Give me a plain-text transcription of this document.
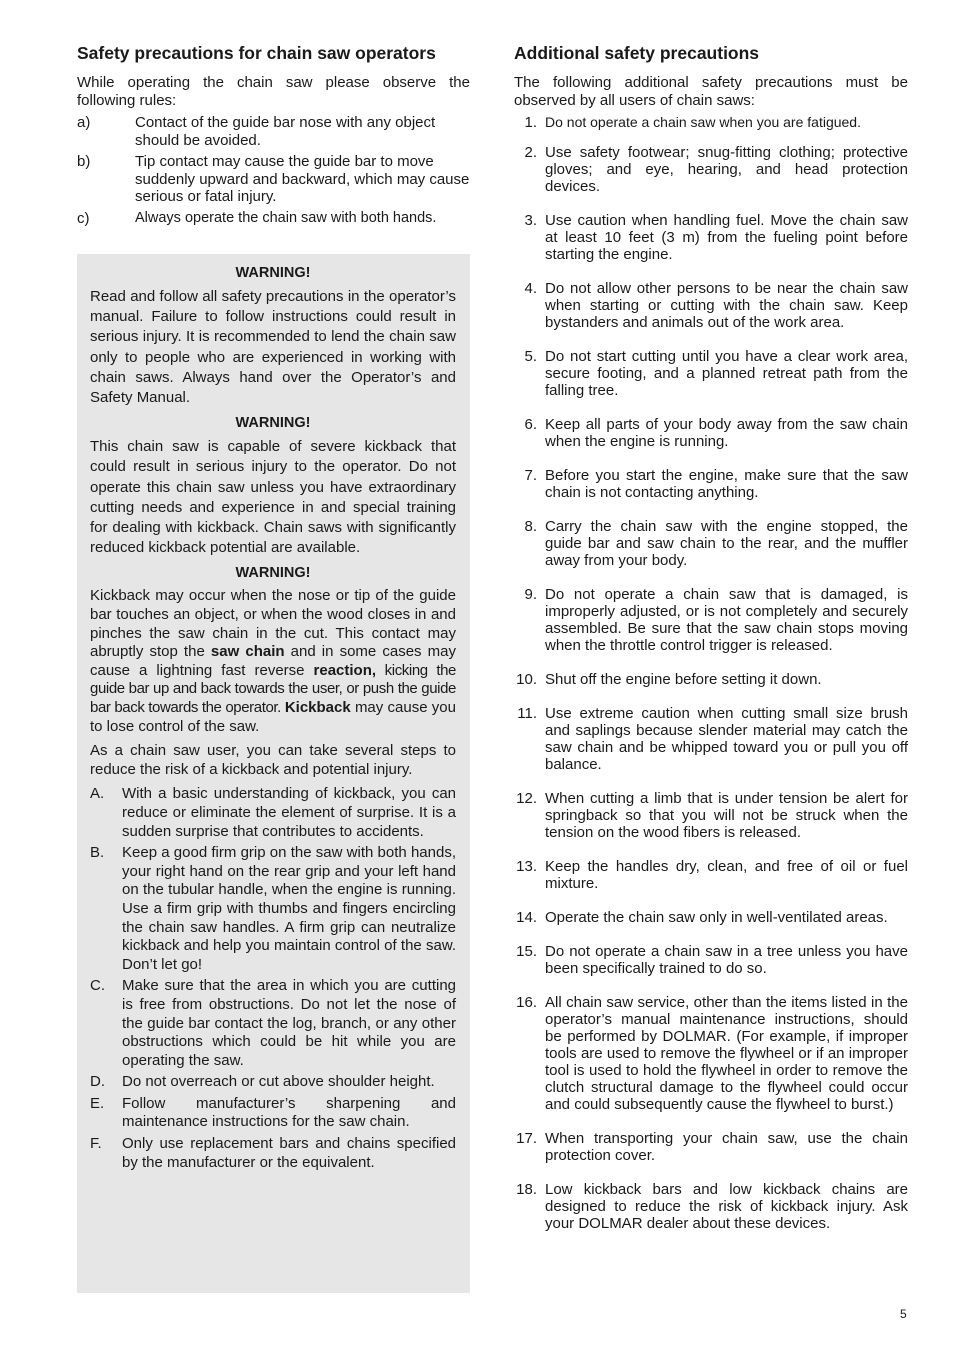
Safety precautions for chain saw operators

While operating the chain saw please observe the following rules:

a)	Contact of the guide bar nose with any object should be avoided.
b)	Tip contact may cause the guide bar to move suddenly upward and backward, which may cause serious or fatal injury.
c)	Always operate the chain saw with both hands.
WARNING!

Read and follow all safety precautions in the operator’s manual. Failure to follow instructions could result in serious injury. It is recommended to lend the chain saw only to people who are experienced in working with chain saws. Always hand over the Operator’s and Safety Manual.

WARNING!

This chain saw is capable of severe kickback that could result in serious injury to the operator. Do not operate this chain saw unless you have extraordinary cutting needs and experience in and special training for dealing with kickback. Chain saws with significantly reduced kickback potential are available.

WARNING!

Kickback may occur when the nose or tip of the guide bar touches an object, or when the wood closes in and pinches the saw chain in the cut. This contact may abruptly stop the saw chain and in some cases may cause a lightning fast reverse reaction, kicking the guide bar up and back towards the user, or push the guide bar back towards the operator. Kickback may cause you to lose control of the saw.

As a chain saw user, you can take several steps to reduce the risk of a kickback and potential injury.

A.	With a basic understanding of kickback, you can reduce or eliminate the element of surprise. It is a sudden surprise that contributes to accidents.
B.	Keep a good firm grip on the saw with both hands, your right hand on the rear grip and your left hand on the tubular handle, when the engine is running. Use a firm grip with thumbs and fingers encircling the chain saw handles. A firm grip can neutralize kickback and help you maintain control of the saw. Don’t let go!
C.	Make sure that the area in which you are cutting is free from obstructions. Do not let the nose of the guide bar contact the log, branch, or any other obstructions which could be hit while you are operating the saw.
D.	Do not overreach or cut above shoulder height.
E.	Follow manufacturer’s sharpening and maintenance instructions for the saw chain.
F.	Only use replacement bars and chains specified by the manufacturer or the equivalent.
Additional safety precautions

The following additional safety precautions must be observed by all users of chain saws:

1. Do not operate a chain saw when you are fatigued.
2. Use safety footwear; snug-fitting clothing; protective gloves; and eye, hearing, and head protection devices.
3. Use caution when handling fuel. Move the chain saw at least 10 feet (3 m) from the fueling point before starting the engine.
4. Do not allow other persons to be near the chain saw when starting or cutting with the chain saw. Keep bystanders and animals out of the work area.
5. Do not start cutting until you have a clear work area, secure footing, and a planned retreat path from the falling tree.
6. Keep all parts of your body away from the saw chain when the engine is running.
7. Before you start the engine, make sure that the saw chain is not contacting anything.
8. Carry the chain saw with the engine stopped, the guide bar and saw chain to the rear, and the muffler away from your body.
9. Do not operate a chain saw that is damaged, is improperly adjusted, or is not completely and securely assembled. Be sure that the saw chain stops moving when the throttle control trigger is released.
10. Shut off the engine before setting it down.
11. Use extreme caution when cutting small size brush and saplings because slender material may catch the saw chain and be whipped toward you or pull you off balance.
12. When cutting a limb that is under tension be alert for springback so that you will not be struck when the tension on the wood fibers is released.
13. Keep the handles dry, clean, and free of oil or fuel mixture.
14. Operate the chain saw only in well-ventilated areas.
15. Do not operate a chain saw in a tree unless you have been specifically trained to do so.
16. All chain saw service, other than the items listed in the operator’s manual maintenance instructions, should be performed by DOLMAR. (For example, if improper tools are used to remove the flywheel or if an improper tool is used to hold the flywheel in order to remove the clutch structural damage to the flywheel could occur and could subsequently cause the flywheel to burst.)
17. When transporting your chain saw, use the chain protection cover.
18. Low kickback bars and low kickback chains are designed to reduce the risk of kickback injury. Ask your DOLMAR dealer about these devices.
5
